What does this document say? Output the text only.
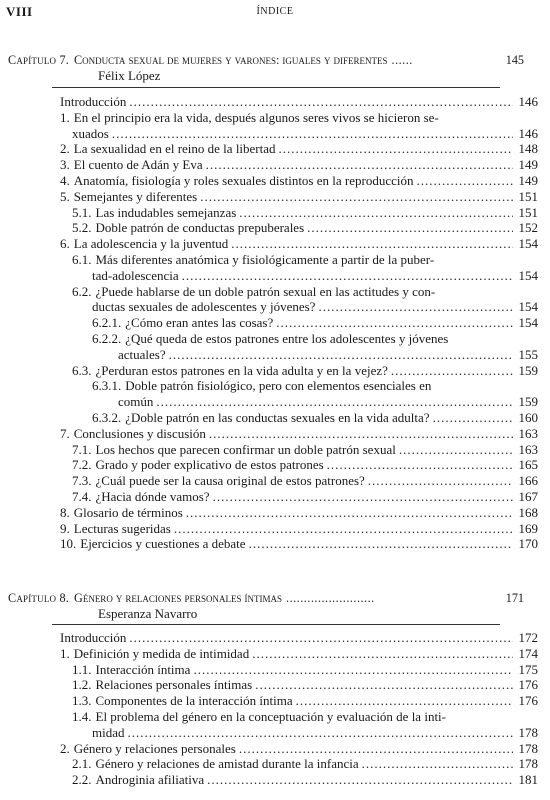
VIII	ÍNDICE
Capítulo 7. Conducta sexual de mujeres y varones: iguales y diferentes ......	145
Félix López
Introducción .....	146
1. En el principio era la vida, después algunos seres vivos se hicieron se-
xuados .....	146
2. La sexualidad en el reino de la libertad .....	148
3. El cuento de Adán y Eva .....	149
4. Anatomía, fisiología y roles sexuales distintos en la reproducción .....	149
5. Semejantes y diferentes .....	151
5.1. Las indudables semejanzas .....	151
5.2. Doble patrón de conductas prepuberales .....	152
6. La adolescencia y la juventud .....	154
6.1. Más diferentes anatómica y fisiológicamente a partir de la puber-
tad-adolescencia .....	154
6.2. ¿Puede hablarse de un doble patrón sexual en las actitudes y con-
ductas sexuales de adolescentes y jóvenes? .....	154
6.2.1. ¿Cómo eran antes las cosas? .....	154
6.2.2. ¿Qué queda de estos patrones entre los adolescentes y jóvenes
actuales? .....	155
6.3. ¿Perduran estos patrones en la vida adulta y en la vejez? .....	159
6.3.1. Doble patrón fisiológico, pero con elementos esenciales en
común .....	159
6.3.2. ¿Doble patrón en las conductas sexuales en la vida adulta? .....	160
7. Conclusiones y discusión .....	163
7.1. Los hechos que parecen confirmar un doble patrón sexual .....	163
7.2. Grado y poder explicativo de estos patrones .....	165
7.3. ¿Cuál puede ser la causa original de estos patrones? .....	166
7.4. ¿Hacia dónde vamos? .....	167
8. Glosario de términos .....	168
9. Lecturas sugeridas .....	169
10. Ejercicios y cuestiones a debate .....	170
Capítulo 8. Género y relaciones personales íntimas .........................	171
Esperanza Navarro
Introducción .....	172
1. Definición y medida de intimidad .....	174
1.1. Interacción íntima .....	175
1.2. Relaciones personales íntimas .....	176
1.3. Componentes de la interacción íntima .....	176
1.4. El problema del género en la conceptuación y evaluación de la inti-
midad .....	178
2. Género y relaciones personales .....	178
2.1. Género y relaciones de amistad durante la infancia .....	178
2.2. Androginia afiliativa .....	181
